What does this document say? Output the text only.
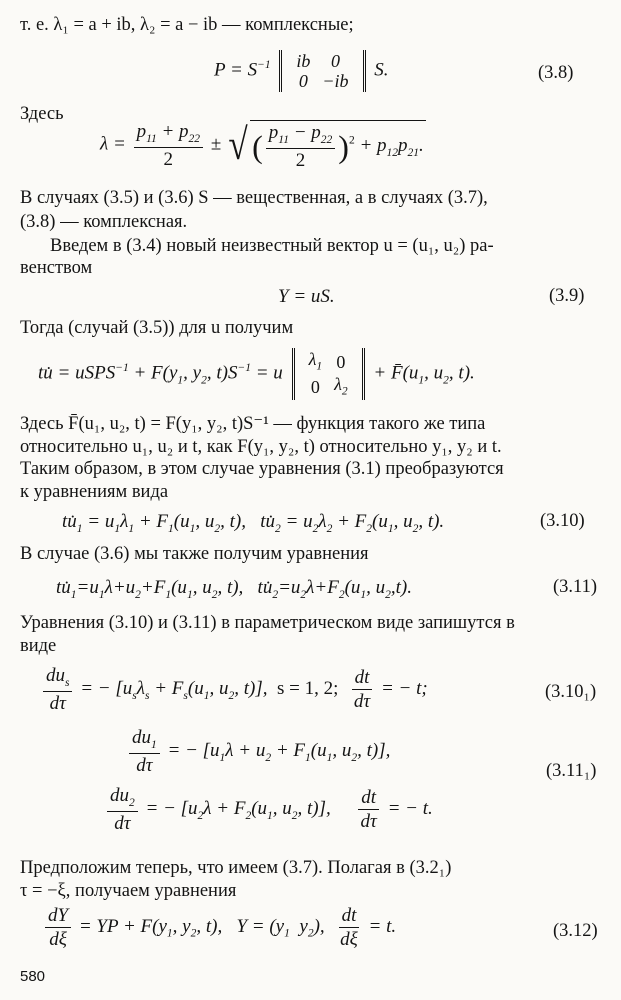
т. е. λ₁ = a + ib, λ₂ = a − ib — комплексные;
$P = S^{-1}$ ib	0
0	−ib
S.	(3.8)
Здесь
$\lambda = \frac{p_{11} + p_{22}}{2}$ ± √ ( $\frac{p_{11} - p_{22}}{2} )^2 + p_{12}p_{21}$.
В случаях (3.5) и (3.6) S — вещественная, а в случаях (3.7),
(3.8) — комплексная.
Введем в (3.4) новый неизвестный вектор u = (u₁, u₂) ра-
венством
Y = uS.	(3.9)
Тогда (случай (3.5)) для u получим
tu̇ = uSPS$^{-1}$ + $F(y_1$, $y_2$, $t)S^{-1} = u$
$\lambda_1$	0
0	$\lambda_2$
+ $F̄(u_1$, $u_2$, t).
Здесь F̄(u₁, u₂, t) = F(y₁, y₂, t)S⁻¹ — функция такого же типа
относительно u₁, u₂ и t, как F(y₁, y₂, t) относительно y₁, y₂ и t.
Таким образом, в этом случае уравнения (3.1) преобразуются
к уравнениям вида
$tu̇_1 = u_1\lambda_1 + F_1(u_1$, $u_2$, t),   $tu̇_2 = u_2\lambda_2 + F_2(u_1$, $u_2$, t).	(3.10)
В случае (3.6) мы также получим уравнения
$tu̇_1=u_1\lambda+u_2+F_1(u_1$, $u_2$, t),   $tu̇_2=u_2\lambda+F_2(u_1$, $u_2,t$).	(3.11)
Уравнения (3.10) и (3.11) в параметрическом виде запишутся в
виде
$\frac{du_s}{d\tau}$ = − [$u_s\lambda_s + F_s(u_1$, $u_2$, t)],  s = 1, 2; $\frac{dt}{d\tau}$ = − t;	(3.10₁)
$\frac{du_1}{d\tau}$ = − [$u_1\lambda + u_2 + F_1(u_1$, $u_2$, t)],
(3.11₁)
$\frac{du_2}{d\tau}$ = − [$u_2\lambda + F_2(u_1$, $u_2$, t)], $\frac{dt}{d\tau}$ = − t.
Предположим теперь, что имеем (3.7). Полагая в (3.2₁)
τ = −ξ, получаем уравнения
$\frac{dY}{d\xi}$ = YP + $F(y_1$, $y_2$, t),   $Y = (y_1$  $y_2$), $\frac{dt}{d\xi} = t$.	(3.12)
580
